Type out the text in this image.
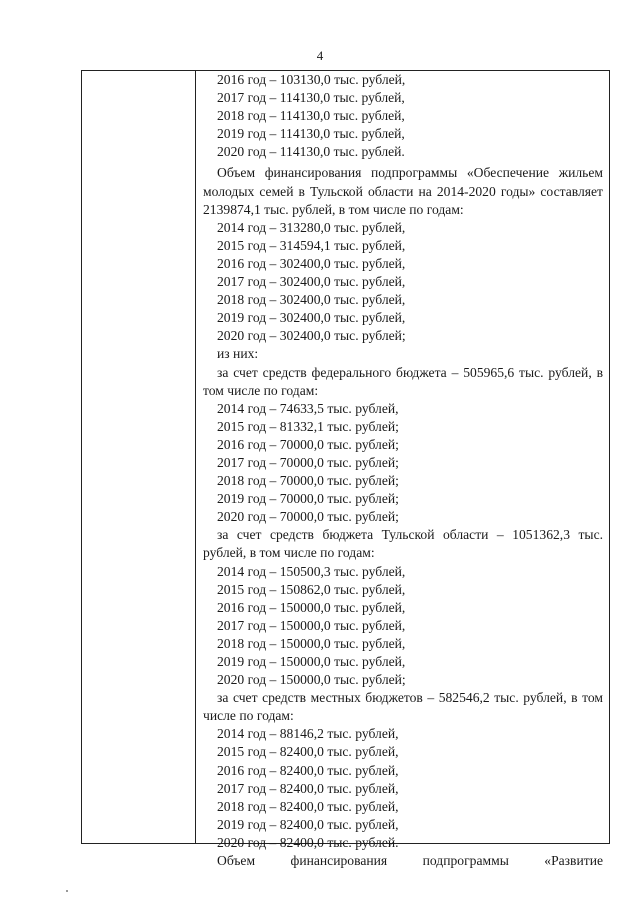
4
2016 год – 103130,0 тыс. рублей,
2017 год – 114130,0 тыс. рублей,
2018 год – 114130,0 тыс. рублей,
2019 год – 114130,0 тыс. рублей,
2020 год – 114130,0 тыс. рублей.
Объем финансирования подпрограммы «Обеспечение жильем молодых семей в Тульской области на 2014-2020 годы» составляет 2139874,1 тыс. рублей, в том числе по годам:
2014 год – 313280,0 тыс. рублей,
2015 год – 314594,1 тыс. рублей,
2016 год – 302400,0 тыс. рублей,
2017 год – 302400,0 тыс. рублей,
2018 год – 302400,0 тыс. рублей,
2019 год – 302400,0 тыс. рублей,
2020 год – 302400,0 тыс. рублей;
из них:
за счет средств федерального бюджета – 505965,6 тыс. рублей, в том числе по годам:
2014 год – 74633,5 тыс. рублей,
2015 год – 81332,1 тыс. рублей;
2016 год – 70000,0 тыс. рублей;
2017 год – 70000,0 тыс. рублей;
2018 год – 70000,0 тыс. рублей;
2019 год – 70000,0 тыс. рублей;
2020 год – 70000,0 тыс. рублей;
за счет средств бюджета Тульской области – 1051362,3 тыс. рублей, в том числе по годам:
2014 год – 150500,3 тыс. рублей,
2015 год – 150862,0 тыс. рублей,
2016 год – 150000,0 тыс. рублей,
2017 год – 150000,0 тыс. рублей,
2018 год – 150000,0 тыс. рублей,
2019 год – 150000,0 тыс. рублей,
2020 год – 150000,0 тыс. рублей;
за счет средств местных бюджетов – 582546,2 тыс. рублей, в том числе по годам:
2014 год – 88146,2 тыс. рублей,
2015 год – 82400,0 тыс. рублей,
2016 год – 82400,0 тыс. рублей,
2017 год – 82400,0 тыс. рублей,
2018 год – 82400,0 тыс. рублей,
2019 год – 82400,0 тыс. рублей,
2020 год – 82400,0 тыс. рублей.
Объем финансирования подпрограммы «Развитие
